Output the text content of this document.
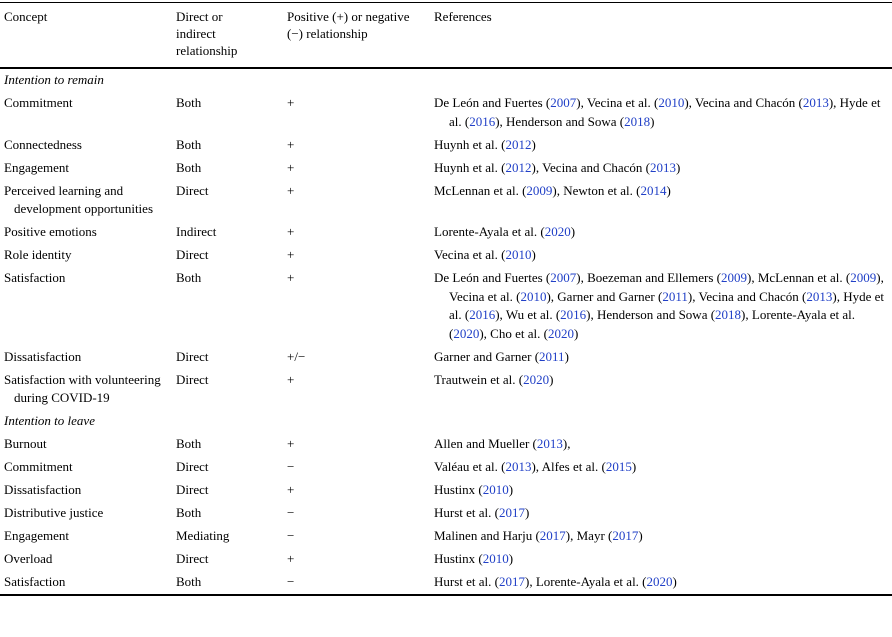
Concept	Direct or indirect relationship	Positive (+) or negative (−) relationship	References
Intention to remain			
Commitment	Both	+	De León and Fuertes (2007), Vecina et al. (2010), Vecina and Chacón (2013), Hyde et al. (2016), Henderson and Sowa (2018)
Connectedness	Both	+	Huynh et al. (2012)
Engagement	Both	+	Huynh et al. (2012), Vecina and Chacón (2013)
Perceived learning and development opportunities	Direct	+	McLennan et al. (2009), Newton et al. (2014)
Positive emotions	Indirect	+	Lorente-Ayala et al. (2020)
Role identity	Direct	+	Vecina et al. (2010)
Satisfaction	Both	+	De León and Fuertes (2007), Boezeman and Ellemers (2009), McLennan et al. (2009), Vecina et al. (2010), Garner and Garner (2011), Vecina and Chacón (2013), Hyde et al. (2016), Wu et al. (2016), Henderson and Sowa (2018), Lorente-Ayala et al. (2020), Cho et al. (2020)
Dissatisfaction	Direct	+/−	Garner and Garner (2011)
Satisfaction with volunteering during COVID-19	Direct	+	Trautwein et al. (2020)
Intention to leave			
Burnout	Both	+	Allen and Mueller (2013),
Commitment	Direct	−	Valéau et al. (2013), Alfes et al. (2015)
Dissatisfaction	Direct	+	Hustinx (2010)
Distributive justice	Both	−	Hurst et al. (2017)
Engagement	Mediating	−	Malinen and Harju (2017), Mayr (2017)
Overload	Direct	+	Hustinx (2010)
Satisfaction	Both	−	Hurst et al. (2017), Lorente-Ayala et al. (2020)
